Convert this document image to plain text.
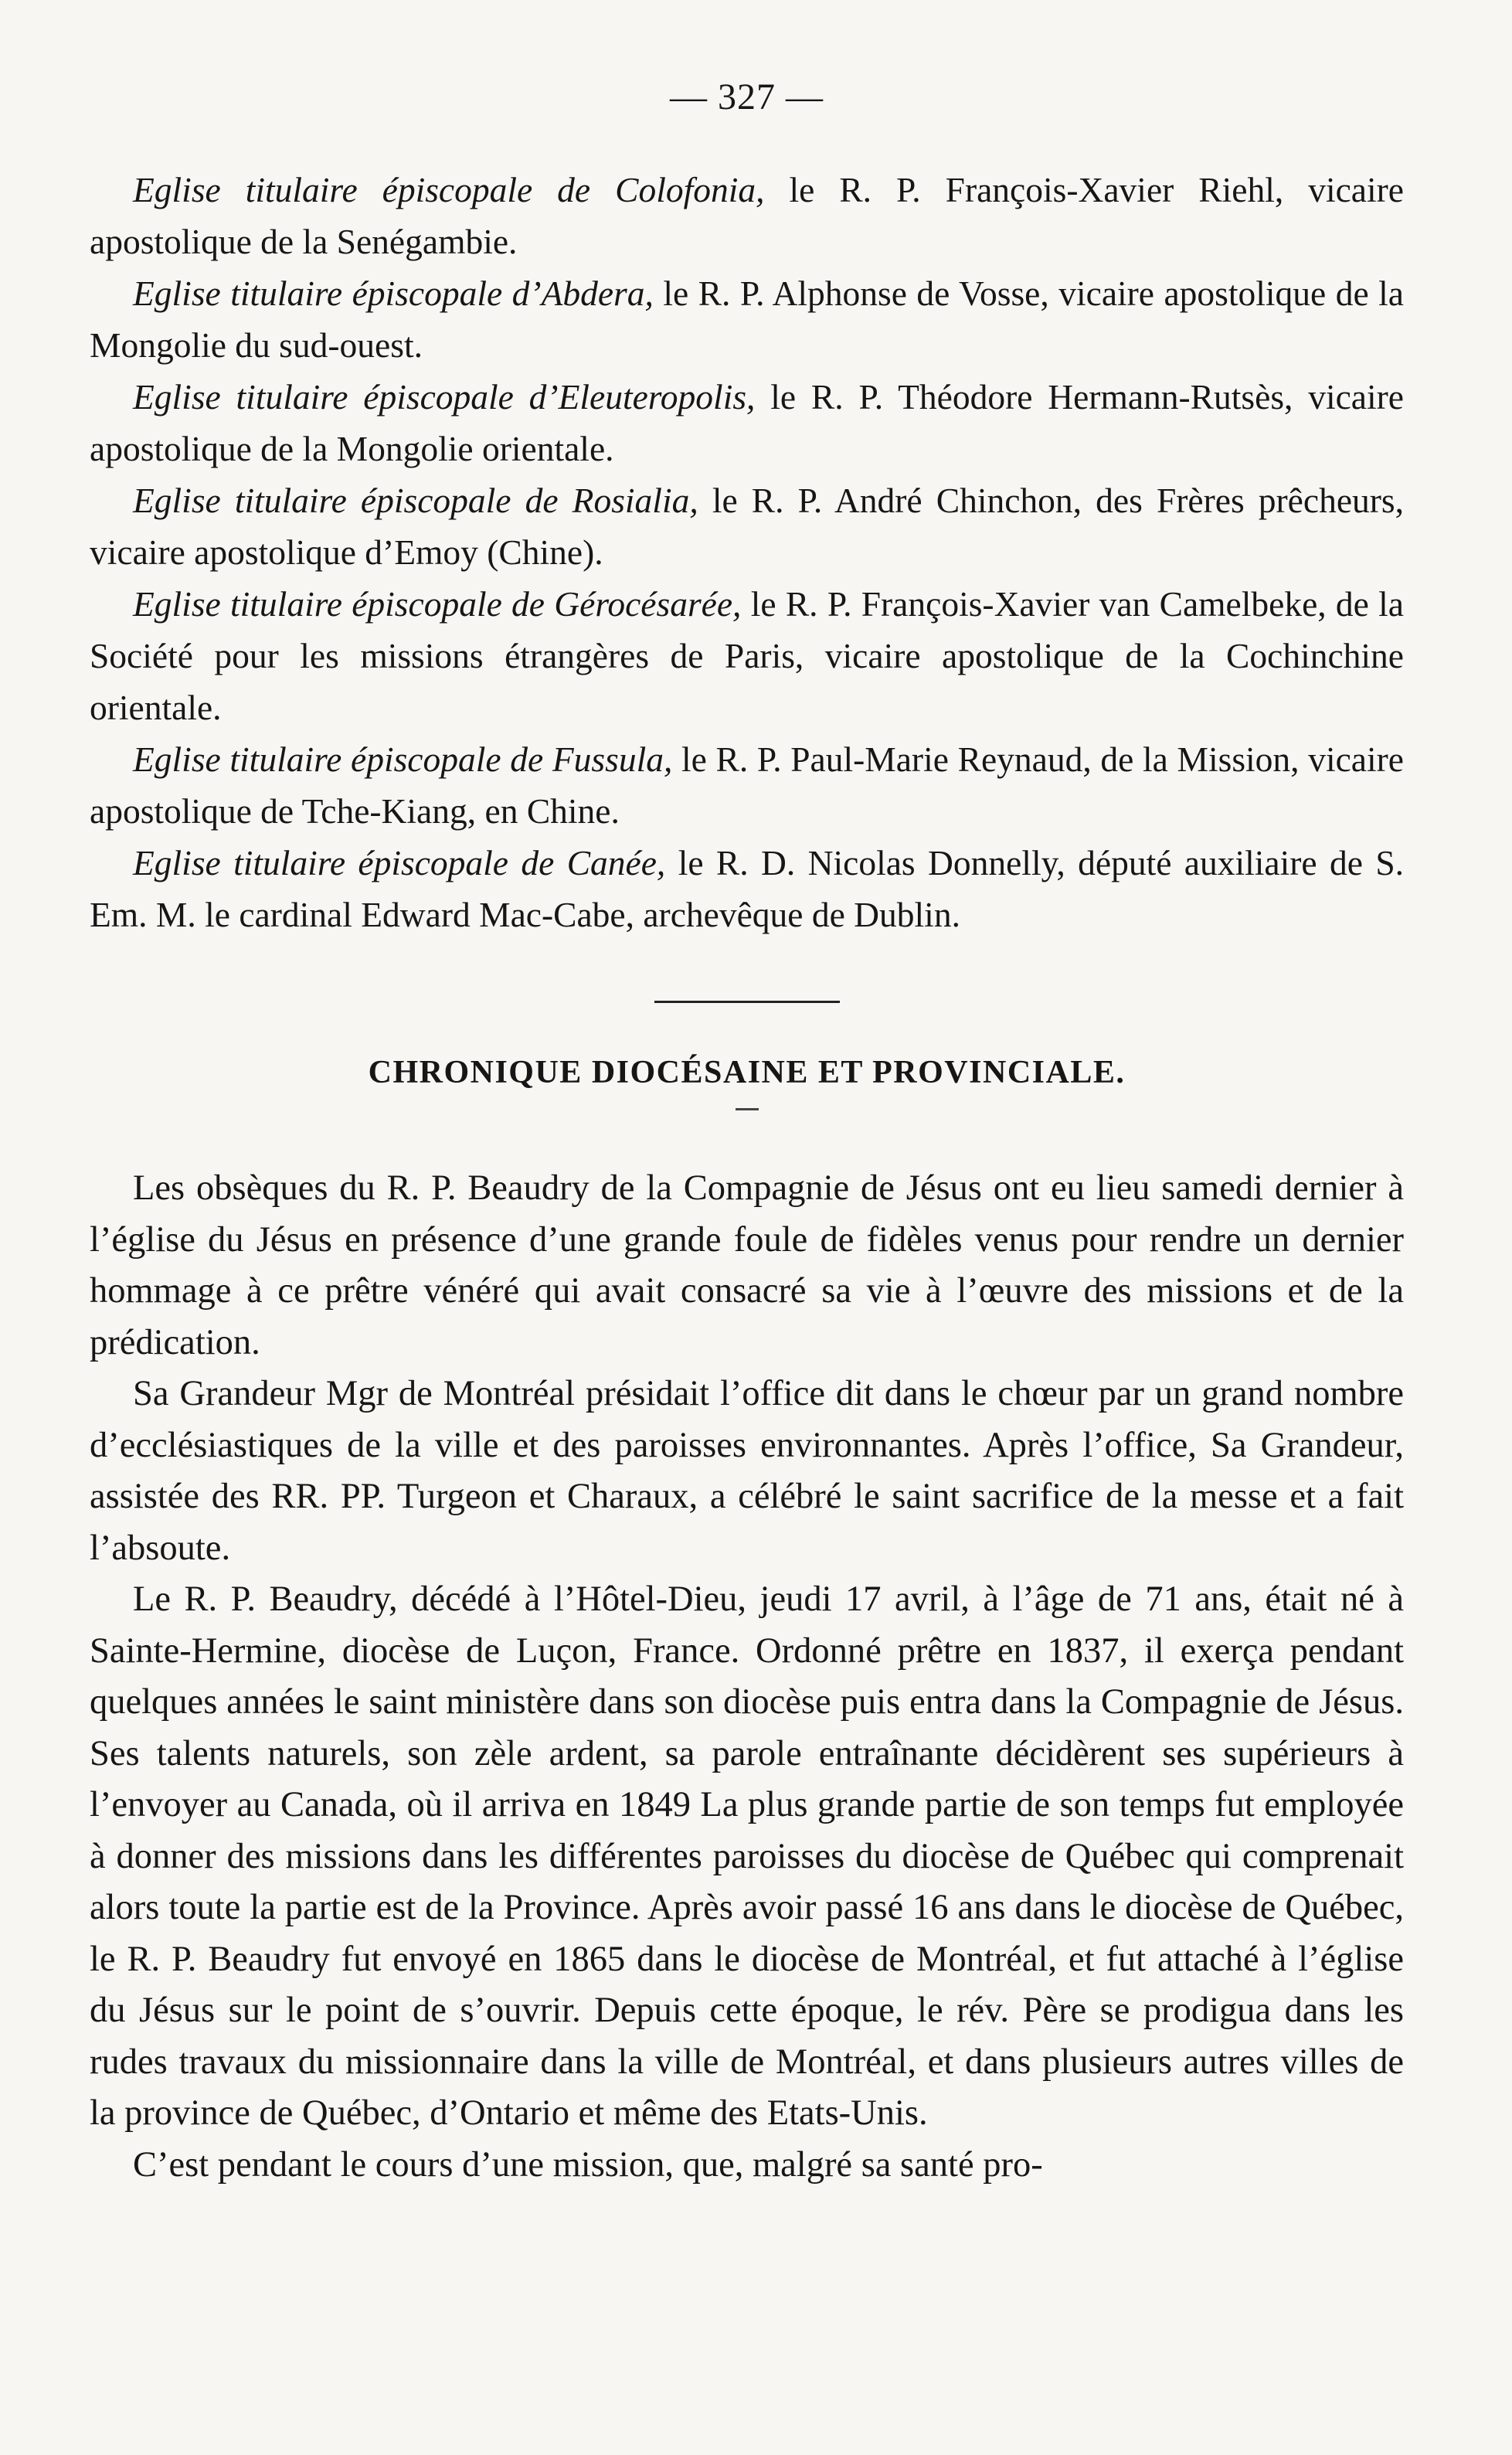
— 327 —

Eglise titulaire épiscopale de Colofonia, le R. P. François-Xavier Riehl, vicaire apostolique de la Senégambie.

Eglise titulaire épiscopale d’Abdera, le R. P. Alphonse de Vosse, vicaire apostolique de la Mongolie du sud-ouest.

Eglise titulaire épiscopale d’Eleuteropolis, le R. P. Théodore Hermann-Rutsès, vicaire apostolique de la Mongolie orientale.

Eglise titulaire épiscopale de Rosialia, le R. P. André Chinchon, des Frères prêcheurs, vicaire apostolique d’Emoy (Chine).

Eglise titulaire épiscopale de Gérocésarée, le R. P. François-Xavier van Camelbeke, de la Société pour les missions étrangères de Paris, vicaire apostolique de la Cochinchine orientale.

Eglise titulaire épiscopale de Fussula, le R. P. Paul-Marie Reynaud, de la Mission, vicaire apostolique de Tche-Kiang, en Chine.

Eglise titulaire épiscopale de Canée, le R. D. Nicolas Donnelly, député auxiliaire de S. Em. M. le cardinal Edward Mac-Cabe, archevêque de Dublin.

CHRONIQUE DIOCÉSAINE ET PROVINCIALE.

Les obsèques du R. P. Beaudry de la Compagnie de Jésus ont eu lieu samedi dernier à l’église du Jésus en présence d’une grande foule de fidèles venus pour rendre un dernier hommage à ce prêtre vénéré qui avait consacré sa vie à l’œuvre des missions et de la prédication.

Sa Grandeur Mgr de Montréal présidait l’office dit dans le chœur par un grand nombre d’ecclésiastiques de la ville et des paroisses environnantes. Après l’office, Sa Grandeur, assistée des RR. PP. Turgeon et Charaux, a célébré le saint sacrifice de la messe et a fait l’absoute.

Le R. P. Beaudry, décédé à l’Hôtel-Dieu, jeudi 17 avril, à l’âge de 71 ans, était né à Sainte-Hermine, diocèse de Luçon, France. Ordonné prêtre en 1837, il exerça pendant quelques années le saint ministère dans son diocèse puis entra dans la Compagnie de Jésus. Ses talents naturels, son zèle ardent, sa parole entraînante décidèrent ses supérieurs à l’envoyer au Canada, où il arriva en 1849 La plus grande partie de son temps fut employée à donner des missions dans les différentes paroisses du diocèse de Québec qui comprenait alors toute la partie est de la Province. Après avoir passé 16 ans dans le diocèse de Québec, le R. P. Beaudry fut envoyé en 1865 dans le diocèse de Montréal, et fut attaché à l’église du Jésus sur le point de s’ouvrir. Depuis cette époque, le rév. Père se prodigua dans les rudes travaux du missionnaire dans la ville de Montréal, et dans plusieurs autres villes de la province de Québec, d’Ontario et même des Etats-Unis.

C’est pendant le cours d’une mission, que, malgré sa santé pro-
